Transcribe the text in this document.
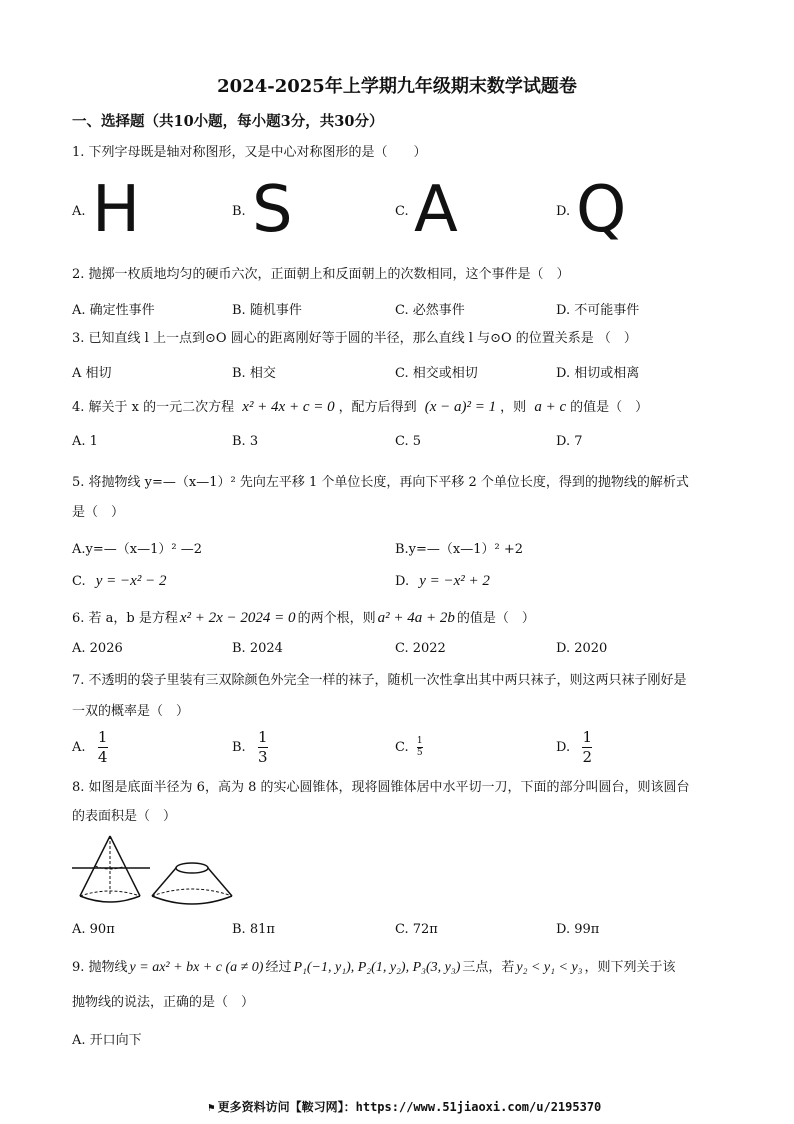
2024-2025年上学期九年级期末数学试题卷
一、选择题（共10小题，每小题3分，共30分）
1. 下列字母既是轴对称图形，又是中心对称图形的是（　　）
A. H	B. S	C. A	D. Q
2. 抛掷一枚质地均匀的硬币六次，正面朝上和反面朝上的次数相同，这个事件是（　）
A. 确定性事件	B. 随机事件	C. 必然事件	D. 不可能事件
3. 已知直线 l 上一点到⊙O 圆心的距离刚好等于圆的半径，那么直线 l 与⊙O 的位置关系是 （　）
A 相切	B. 相交	C. 相交或相切	D. 相切或相离
4. 解关于 x 的一元二次方程 x² + 4x + c = 0 ，配方后得到 (x − a)² = 1 ，则 a + c 的值是（　）
A. 1	B. 3	C. 5	D. 7
5. 将抛物线 y=—（x—1）² 先向左平移 1 个单位长度，再向下平移 2 个单位长度，得到的抛物线的解析式
是（　）
A.y=—（x—1）² —2	B.y=—（x—1）² +2
C. y = −x² − 2	D. y = −x² + 2
6. 若 a，b 是方程 x² + 2x − 2024 = 0 的两个根，则 a² + 4a + 2b 的值是（　）
A. 2026	B. 2024	C. 2022	D. 2020
7. 不透明的袋子里装有三双除颜色外完全一样的袜子，随机一次性拿出其中两只袜子，则这两只袜子刚好是
一双的概率是（　）
A. $\frac{1}{4}$	B. $\frac{1}{3}$	C. $\frac{1}{5}$	D. $\frac{1}{2}$
8. 如图是底面半径为 6，高为 8 的实心圆锥体，现将圆锥体居中水平切一刀，下面的部分叫圆台，则该圆台
的表面积是（　）
A. 90π	B. 81π	C. 72π	D. 99π
9. 抛物线 y = ax² + bx + c (a ≠ 0) 经过 P₁(−1, y₁), P₂(1, y₂), P₃(3, y₃) 三点，若 y₂ < y₁ < y₃ ，则下列关于该
抛物线的说法，正确的是（　）
A. 开口向下
⚑ 更多资料访问【鞍习网】：https://www.51jiaoxi.com/u/2195370
